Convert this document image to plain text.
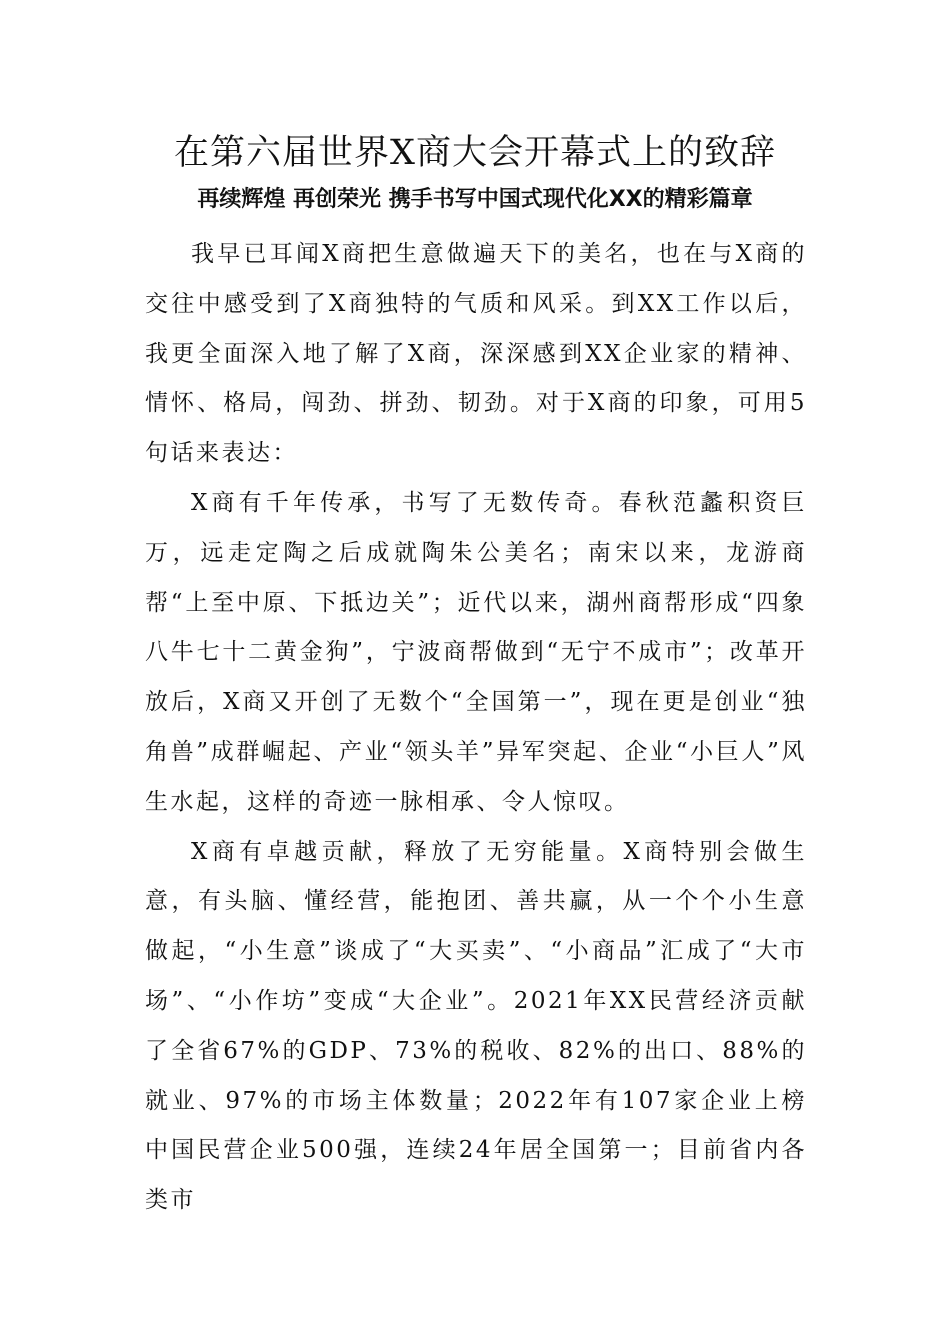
在第六届世界X商大会开幕式上的致辞
再续辉煌 再创荣光 携手书写中国式现代化XX的精彩篇章

我早已耳闻X商把生意做遍天下的美名，也在与X商的交往中感受到了X商独特的气质和风采。到XX工作以后，我更全面深入地了解了X商，深深感到XX企业家的精神、情怀、格局，闯劲、拼劲、韧劲。对于X商的印象，可用5句话来表达：

X商有千年传承，书写了无数传奇。春秋范蠡积资巨万，远走定陶之后成就陶朱公美名；南宋以来，龙游商帮“上至中原、下抵边关”；近代以来，湖州商帮形成“四象八牛七十二黄金狗”，宁波商帮做到“无宁不成市”；改革开放后，X商又开创了无数个“全国第一”，现在更是创业“独角兽”成群崛起、产业“领头羊”异军突起、企业“小巨人”风生水起，这样的奇迹一脉相承、令人惊叹。

X商有卓越贡献，释放了无穷能量。X商特别会做生意，有头脑、懂经营，能抱团、善共赢，从一个个小生意做起，“小生意”谈成了“大买卖”、“小商品”汇成了“大市场”、“小作坊”变成“大企业”。2021年XX民营经济贡献了全省67%的GDP、73%的税收、82%的出口、88%的就业、97%的市场主体数量；2022年有107家企业上榜中国民营企业500强，连续24年居全国第一；目前省内各类市
